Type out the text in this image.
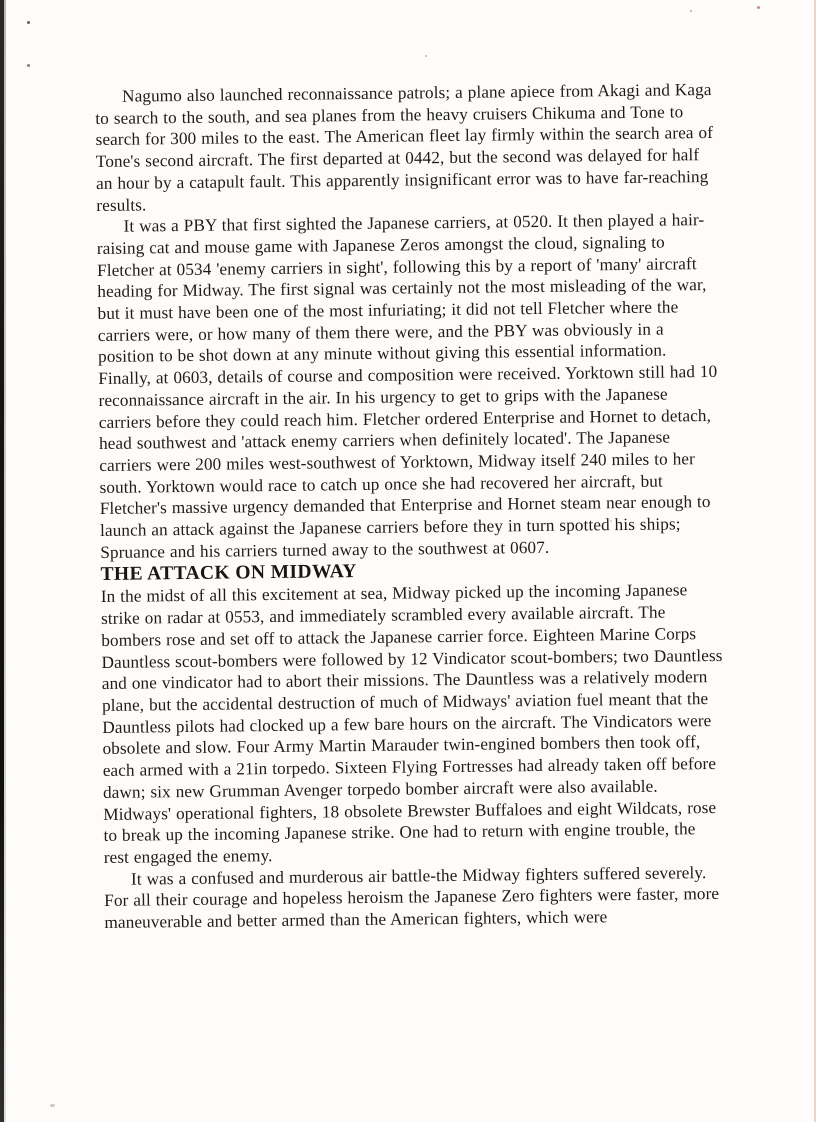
Nagumo also launched reconnaissance patrols; a plane apiece from Akagi and Kaga to search to the south, and sea planes from the heavy cruisers Chikuma and Tone to search for 300 miles to the east. The American fleet lay firmly within the search area of Tone's second aircraft. The first departed at 0442, but the second was delayed for half an hour by a catapult fault. This apparently insignificant error was to have far-reaching results.

It was a PBY that first sighted the Japanese carriers, at 0520. It then played a hair-raising cat and mouse game with Japanese Zeros amongst the cloud, signaling to Fletcher at 0534 'enemy carriers in sight', following this by a report of 'many' aircraft heading for Midway. The first signal was certainly not the most misleading of the war, but it must have been one of the most infuriating; it did not tell Fletcher where the carriers were, or how many of them there were, and the PBY was obviously in a position to be shot down at any minute without giving this essential information. Finally, at 0603, details of course and composition were received. Yorktown still had 10 reconnaissance aircraft in the air. In his urgency to get to grips with the Japanese carriers before they could reach him. Fletcher ordered Enterprise and Hornet to detach, head southwest and 'attack enemy carriers when definitely located'. The Japanese carriers were 200 miles west-southwest of Yorktown, Midway itself 240 miles to her south. Yorktown would race to catch up once she had recovered her aircraft, but Fletcher's massive urgency demanded that Enterprise and Hornet steam near enough to launch an attack against the Japanese carriers before they in turn spotted his ships; Spruance and his carriers turned away to the southwest at 0607.

THE ATTACK ON MIDWAY

In the midst of all this excitement at sea, Midway picked up the incoming Japanese strike on radar at 0553, and immediately scrambled every available aircraft. The bombers rose and set off to attack the Japanese carrier force. Eighteen Marine Corps Dauntless scout-bombers were followed by 12 Vindicator scout-bombers; two Dauntless and one vindicator had to abort their missions. The Dauntless was a relatively modern plane, but the accidental destruction of much of Midways' aviation fuel meant that the Dauntless pilots had clocked up a few bare hours on the aircraft. The Vindicators were obsolete and slow. Four Army Martin Marauder twin-engined bombers then took off, each armed with a 21in torpedo. Sixteen Flying Fortresses had already taken off before dawn; six new Grumman Avenger torpedo bomber aircraft were also available. Midways' operational fighters, 18 obsolete Brewster Buffaloes and eight Wildcats, rose to break up the incoming Japanese strike. One had to return with engine trouble, the rest engaged the enemy.

It was a confused and murderous air battle-the Midway fighters suffered severely. For all their courage and hopeless heroism the Japanese Zero fighters were faster, more maneuverable and better armed than the American fighters, which were
